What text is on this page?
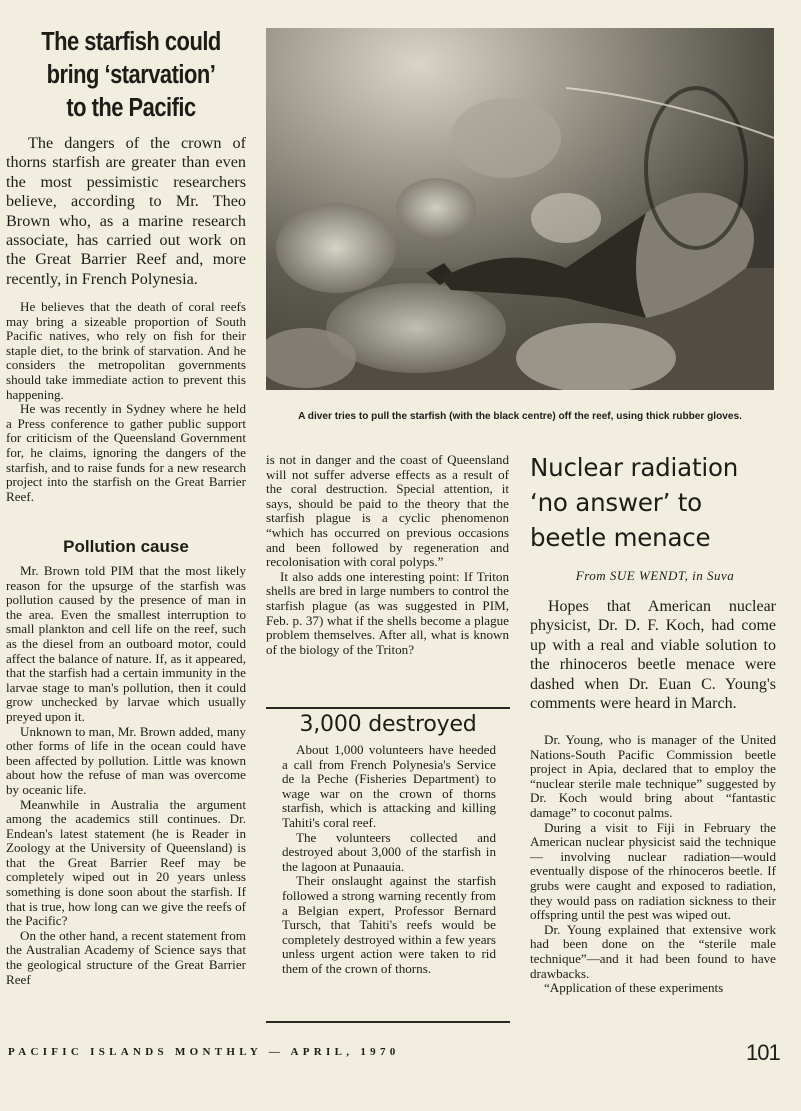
The starfish could
bring ‘starvation’
to the Pacific

The dangers of the crown of thorns starfish are greater than even the most pessimistic researchers believe, according to Mr. Theo Brown who, as a marine research associate, has carried out work on the Great Barrier Reef and, more recently, in French Polynesia.

He believes that the death of coral reefs may bring a sizeable proportion of South Pacific natives, who rely on fish for their staple diet, to the brink of starvation. And he considers the metropolitan governments should take immediate action to prevent this happening.

He was recently in Sydney where he held a Press conference to gather public support for criticism of the Queensland Government for, he claims, ignoring the dangers of the starfish, and to raise funds for a new research project into the starfish on the Great Barrier Reef.

Pollution cause

Mr. Brown told PIM that the most likely reason for the upsurge of the starfish was pollution caused by the presence of man in the area. Even the smallest interruption to small plankton and cell life on the reef, such as the diesel from an outboard motor, could affect the balance of nature. If, as it appeared, that the starfish had a certain immunity in the larvae stage to man's pollution, then it could grow unchecked by larvae which usually preyed upon it.

Unknown to man, Mr. Brown added, many other forms of life in the ocean could have been affected by pollution. Little was known about how the refuse of man was overcome by oceanic life.

Meanwhile in Australia the argument among the academics still continues. Dr. Endean's latest statement (he is Reader in Zoology at the University of Queensland) is that the Great Barrier Reef may be completely wiped out in 20 years unless something is done soon about the starfish. If that is true, how long can we give the reefs of the Pacific?

On the other hand, a recent statement from the Australian Academy of Science says that the geological structure of the Great Barrier Reef

A diver tries to pull the starfish (with the black centre) off the reef, using thick rubber gloves.

is not in danger and the coast of Queensland will not suffer adverse effects as a result of the coral destruction. Special attention, it says, should be paid to the theory that the starfish plague is a cyclic phenomenon “which has occurred on previous occasions and been followed by regeneration and recolonisation with coral polyps.”

It also adds one interesting point: If Triton shells are bred in large numbers to control the starfish plague (as was suggested in PIM, Feb. p. 37) what if the shells become a plague problem themselves. After all, what is known of the biology of the Triton?

3,000 destroyed

About 1,000 volunteers have heeded a call from French Polynesia's Service de la Peche (Fisheries Department) to wage war on the crown of thorns starfish, which is attacking and killing Tahiti's coral reef.

The volunteers collected and destroyed about 3,000 of the starfish in the lagoon at Punaauia.

Their onslaught against the starfish followed a strong warning recently from a Belgian expert, Professor Bernard Tursch, that Tahiti's reefs would be completely destroyed within a few years unless urgent action were taken to rid them of the crown of thorns.

Nuclear radiation
‘no answer’ to
beetle menace
From SUE WENDT, in Suva

Hopes that American nuclear physicist, Dr. D. F. Koch, had come up with a real and viable solution to the rhinoceros beetle menace were dashed when Dr. Euan C. Young's comments were heard in March.

Dr. Young, who is manager of the United Nations-South Pacific Commission beetle project in Apia, declared that to employ the “nuclear sterile male technique” suggested by Dr. Koch would bring about “fantastic damage” to coconut palms.

During a visit to Fiji in February the American nuclear physicist said the technique — involving nuclear radiation—would eventually dispose of the rhinoceros beetle. If grubs were caught and exposed to radiation, they would pass on radiation sickness to their offspring until the pest was wiped out.

Dr. Young explained that extensive work had been done on the “sterile male technique”—and it had been found to have drawbacks.

“Application of these experiments

PACIFIC ISLANDS MONTHLY — APRIL, 1970	101
